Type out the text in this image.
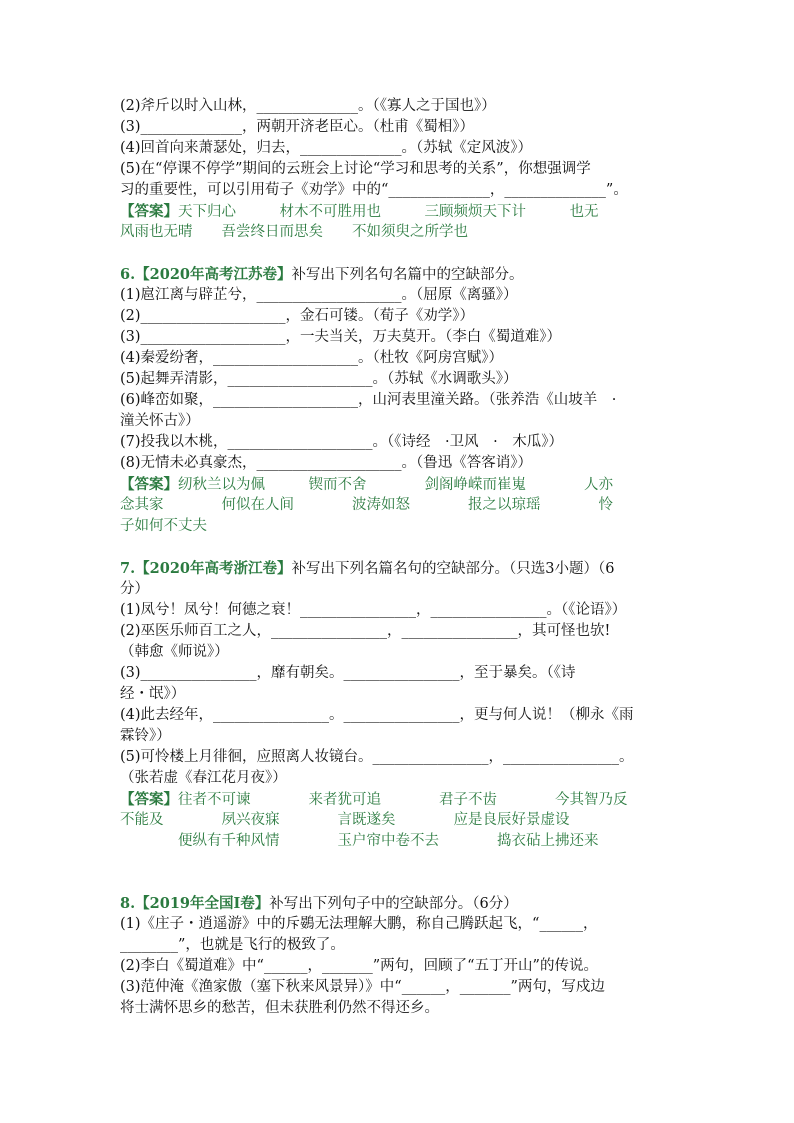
(2)斧斤以时入山林，______________。（《寡人之于国也》）
(3)______________，两朝开济老臣心。（杜甫《蜀相》）
(4)回首向来萧瑟处，归去，______________。（苏轼《定风波》）
(5)在“停课不停学”期间的云班会上讨论“学习和思考的关系”，你想强调学
习的重要性，可以引用荀子《劝学》中的“______________，______________”。
【答案】天下归心　　　材木不可胜用也　　　三顾频烦天下计　　　也无
风雨也无晴　　吾尝终日而思矣　　不如须臾之所学也
6.【2020年高考江苏卷】补写出下列名句名篇中的空缺部分。
(1)扈江离与辟芷兮，____________________。（屈原《离骚》）
(2)____________________，金石可镂。（荀子《劝学》）
(3)____________________，一夫当关，万夫莫开。（李白《蜀道难》）
(4)秦爱纷奢，____________________。（杜牧《阿房宫赋》）
(5)起舞弄清影，____________________。（苏轼《水调歌头》）
(6)峰峦如聚，____________________，山河表里潼关路。（张养浩《山坡羊　·
潼关怀古》）
(7)投我以木桃，____________________。（《诗经　·卫风　·　木瓜》）
(8)无情未必真豪杰，____________________。（鲁迅《答客诮》）
【答案】纫秋兰以为佩　　　锲而不舍　　　　剑阁峥嵘而崔嵬　　　　人亦
念其家　　　　何似在人间　　　　波涛如怒　　　　报之以琼瑶　　　　怜
子如何不丈夫
7.【2020年高考浙江卷】补写出下列名篇名句的空缺部分。（只选3小题）（6
分）
(1)凤兮！凤兮！何德之衰！________________，________________。（《论语》）
(2)巫医乐师百工之人，________________，________________，其可怪也欤!
（韩愈《师说》）
(3)________________，靡有朝矣。________________，至于暴矣。（《诗
经・氓》）
(4)此去经年，________________。________________，更与何人说！（柳永《雨
霖铃》）
(5)可怜楼上月徘徊，应照离人妆镜台。________________，________________。
（张若虚《春江花月夜》）
【答案】往者不可谏　　　　来者犹可追　　　　君子不齿　　　　今其智乃反
不能及　　　　夙兴夜寐　　　　言既遂矣　　　　应是良辰好景虚设
　　　　便纵有千种风情　　　　玉户帘中卷不去　　　　捣衣砧上拂还来
8.【2019年全国I卷】补写出下列句子中的空缺部分。（6分）
(1)《庄子・逍遥游》中的斥鷃无法理解大鹏，称自己腾跃起飞，“______，
________”，也就是飞行的极致了。
(2)李白《蜀道难》中“______，_______”两句，回顾了“五丁开山”的传说。
(3)范仲淹《渔家傲（塞下秋来风景异）》中“______，_______”两句，写戍边
将士满怀思乡的愁苦，但未获胜利仍然不得还乡。
